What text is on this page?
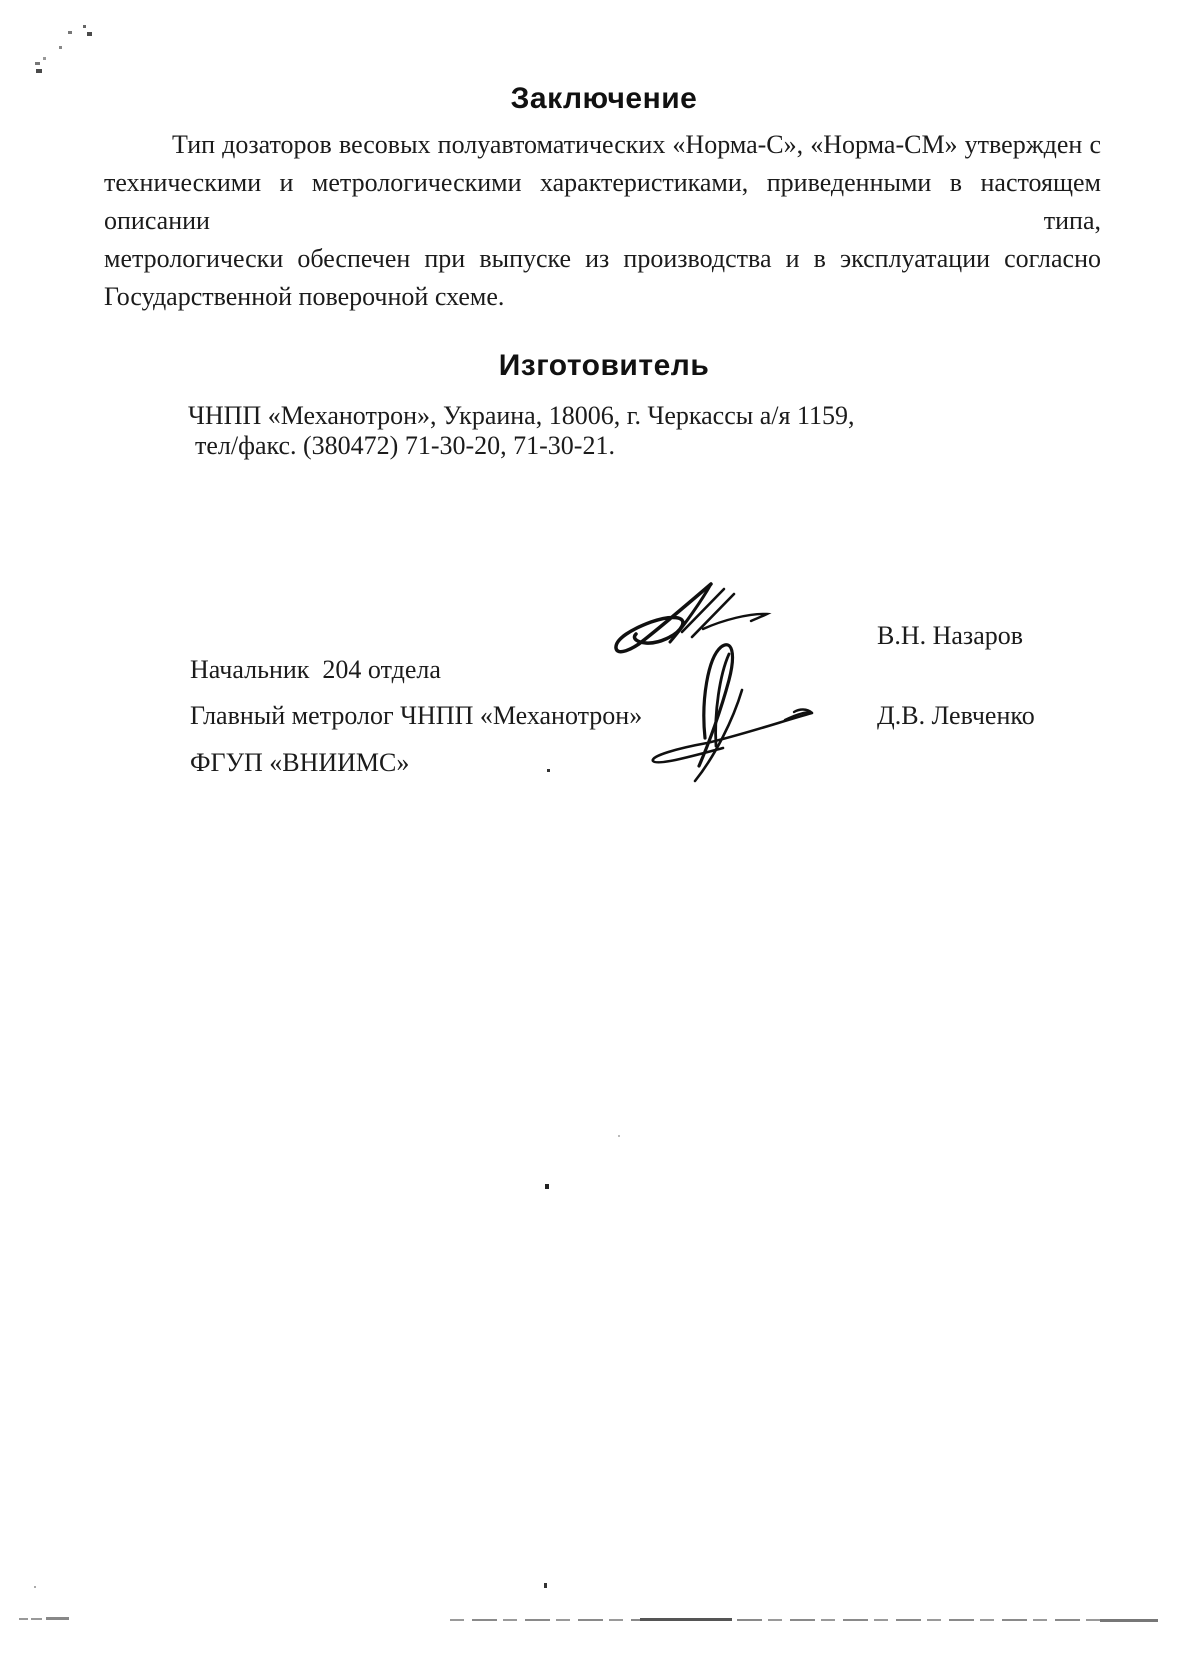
Заключение
Тип дозаторов весовых полуавтоматических «Норма-С», «Норма-СМ» утвержден с
техническими и метрологическими характеристиками, приведенными в настоящем описании типа,
метрологически обеспечен при выпуске из производства и в эксплуатации согласно
Государственной поверочной схеме.
Изготовитель
ЧНПП «Механотрон», Украина, 18006, г. Черкассы а/я 1159,
тел/факс. (380472) 71-30-20, 71-30-21.

Начальник  204 отдела

ФГУП «ВНИИМС»

В.Н. Назаров
Главный метролог ЧНПП «Механотрон»	Д.В. Левченко
